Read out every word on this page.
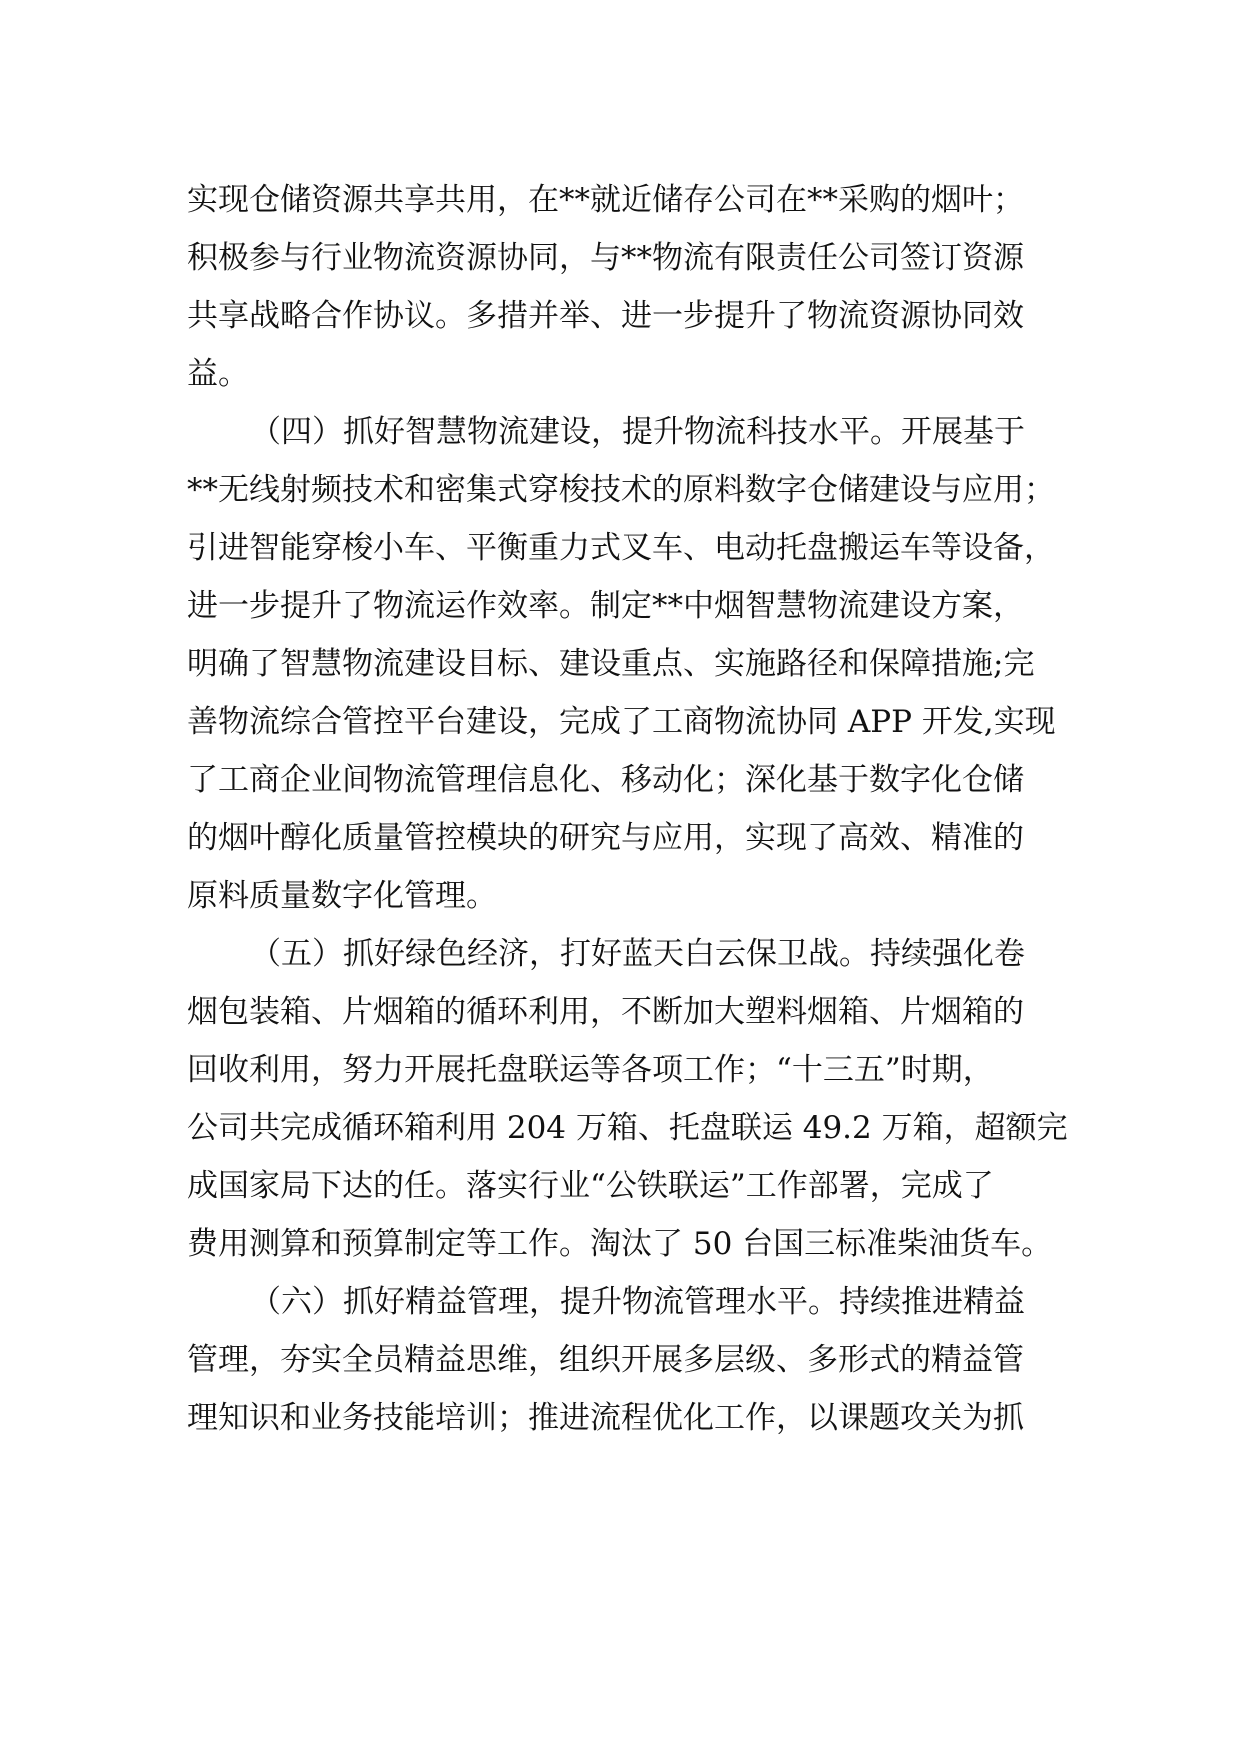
实现仓储资源共享共用，在**就近储存公司在**采购的烟叶；
积极参与行业物流资源协同，与**物流有限责任公司签订资源
共享战略合作协议。多措并举、进一步提升了物流资源协同效
益。
（四）抓好智慧物流建设，提升物流科技水平。开展基于
**无线射频技术和密集式穿梭技术的原料数字仓储建设与应用；
引进智能穿梭小车、平衡重力式叉车、电动托盘搬运车等设备，
进一步提升了物流运作效率。制定**中烟智慧物流建设方案，
明确了智慧物流建设目标、建设重点、实施路径和保障措施;完
善物流综合管控平台建设，完成了工商物流协同 APP 开发,实现
了工商企业间物流管理信息化、移动化；深化基于数字化仓储
的烟叶醇化质量管控模块的研究与应用，实现了高效、精准的
原料质量数字化管理。
（五）抓好绿色经济，打好蓝天白云保卫战。持续强化卷
烟包装箱、片烟箱的循环利用，不断加大塑料烟箱、片烟箱的
回收利用，努力开展托盘联运等各项工作；“十三五”时期，
公司共完成循环箱利用 204 万箱、托盘联运 49.2 万箱，超额完
成国家局下达的任。落实行业“公铁联运”工作部署，完成了
费用测算和预算制定等工作。淘汰了 50 台国三标准柴油货车。
（六）抓好精益管理，提升物流管理水平。持续推进精益
管理，夯实全员精益思维，组织开展多层级、多形式的精益管
理知识和业务技能培训；推进流程优化工作，以课题攻关为抓
